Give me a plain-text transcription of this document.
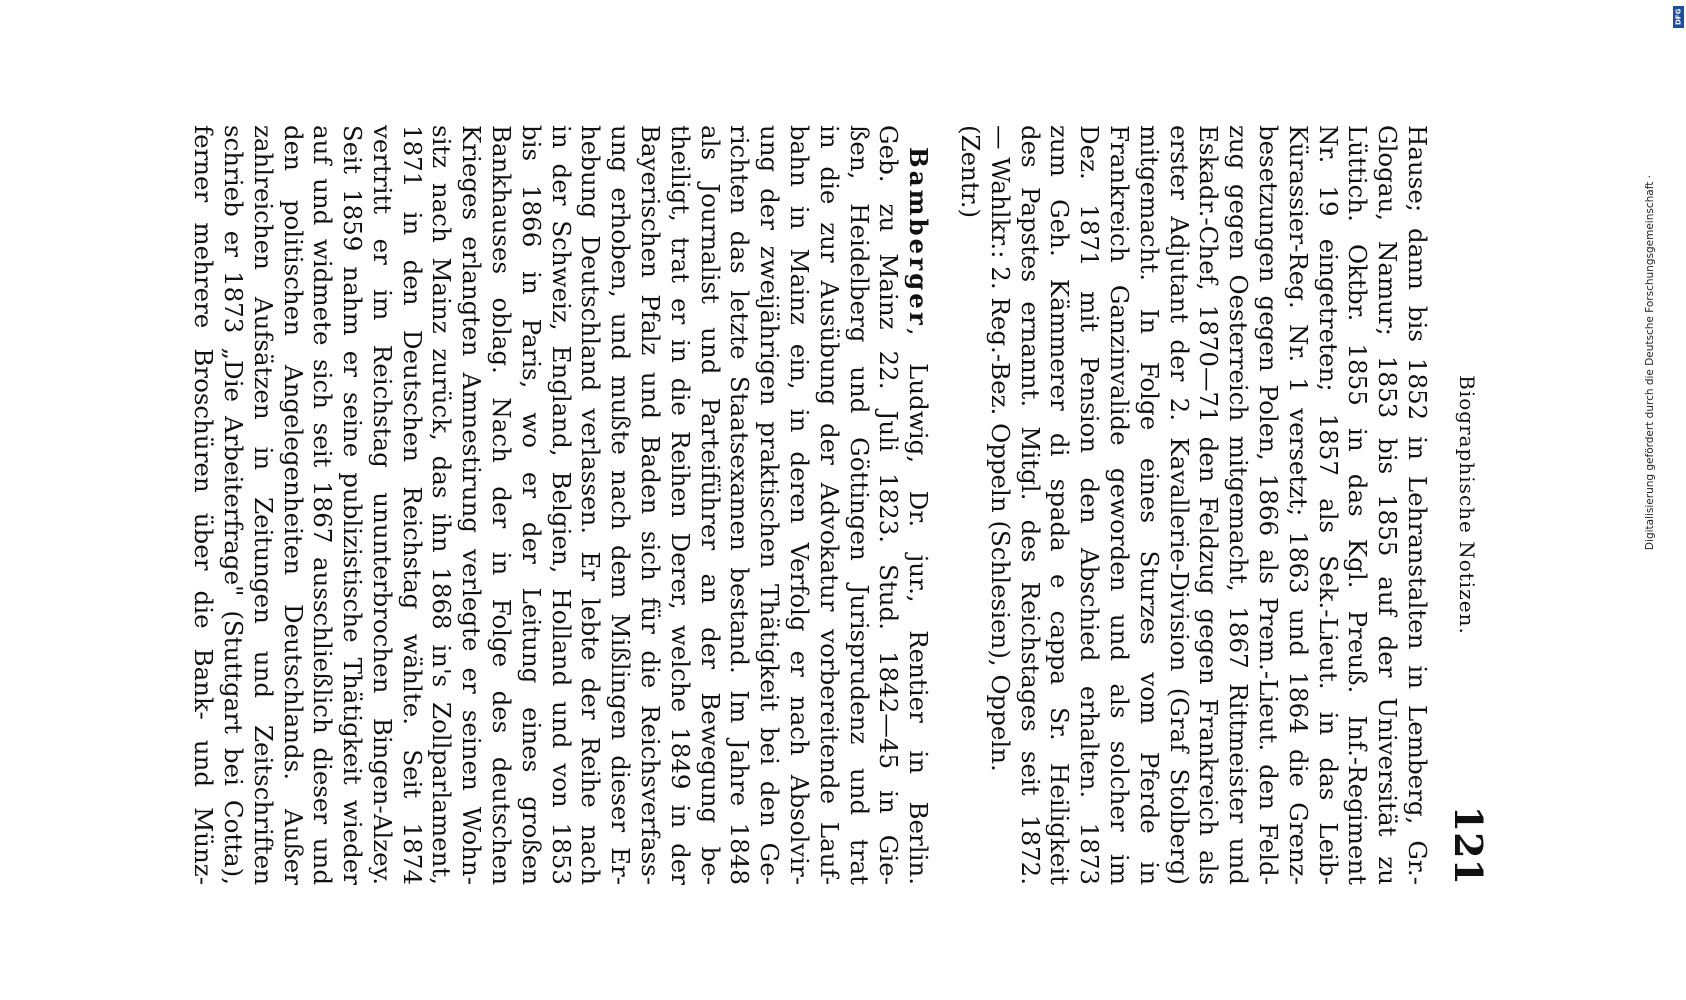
Biographische Notizen.
121
Hause; dann bis 1852 in Lehranstalten in Lemberg, Gr.-
Glogau, Namur; 1853 bis 1855 auf der Universität zu
Lüttich. Oktbr. 1855 in das Kgl. Preuß. Inf.-Regiment
Nr. 19 eingetreten; 1857 als Sek.-Lieut. in das Leib-
Kürassier-Reg. Nr. 1 versetzt; 1863 und 1864 die Grenz-
besetzungen gegen Polen, 1866 als Prem.-Lieut. den Feld-
zug gegen Oesterreich mitgemacht, 1867 Rittmeister und
Eskadr.-Chef, 1870—71 den Feldzug gegen Frankreich als
erster Adjutant der 2. Kavallerie-Division (Graf Stolberg)
mitgemacht. In Folge eines Sturzes vom Pferde in
Frankreich Ganzinvalide geworden und als solcher im
Dez. 1871 mit Pension den Abschied erhalten. 1873
zum Geh. Kämmerer di spada e cappa Sr. Heiligkeit
des Papstes ernannt. Mitgl. des Reichstages seit 1872.
— Wahlkr.: 2. Reg.-Bez. Oppeln (Schlesien), Oppeln.
(Zentr.)
Bamberger, Ludwig, Dr. jur., Rentier in Berlin.
Geb. zu Mainz 22. Juli 1823. Stud. 1842—45 in Gie-
ßen, Heidelberg und Göttingen Jurisprudenz und trat
in die zur Ausübung der Advokatur vorbereitende Lauf-
bahn in Mainz ein, in deren Verfolg er nach Absolvir-
ung der zweijährigen praktischen Thätigkeit bei den Ge-
richten das letzte Staatsexamen bestand. Im Jahre 1848
als Journalist und Parteiführer an der Bewegung be-
theiligt, trat er in die Reihen Derer, welche 1849 in der
Bayerischen Pfalz und Baden sich für die Reichsverfass-
ung erhoben, und mußte nach dem Mißlingen dieser Er-
hebung Deutschland verlassen. Er lebte der Reihe nach
in der Schweiz, England, Belgien, Holland und von 1853
bis 1866 in Paris, wo er der Leitung eines großen
Bankhauses oblag. Nach der in Folge des deutschen
Krieges erlangten Amnestirung verlegte er seinen Wohn-
sitz nach Mainz zurück, das ihn 1868 in's Zollparlament,
1871 in den Deutschen Reichstag wählte. Seit 1874
vertritt er im Reichstag ununterbrochen Bingen-Alzey.
Seit 1859 nahm er seine publizistische Thätigkeit wieder
auf und widmete sich seit 1867 ausschließlich dieser und
den politischen Angelegenheiten Deutschlands. Außer
zahlreichen Aufsätzen in Zeitungen und Zeitschriften
schrieb er 1873 „Die Arbeiterfrage" (Stuttgart bei Cotta),
ferner mehrere Broschüren über die Bank- und Münz-	Digitalisierung gefördert durch die Deutsche Forschungsgemeinschaft ·
DFG
